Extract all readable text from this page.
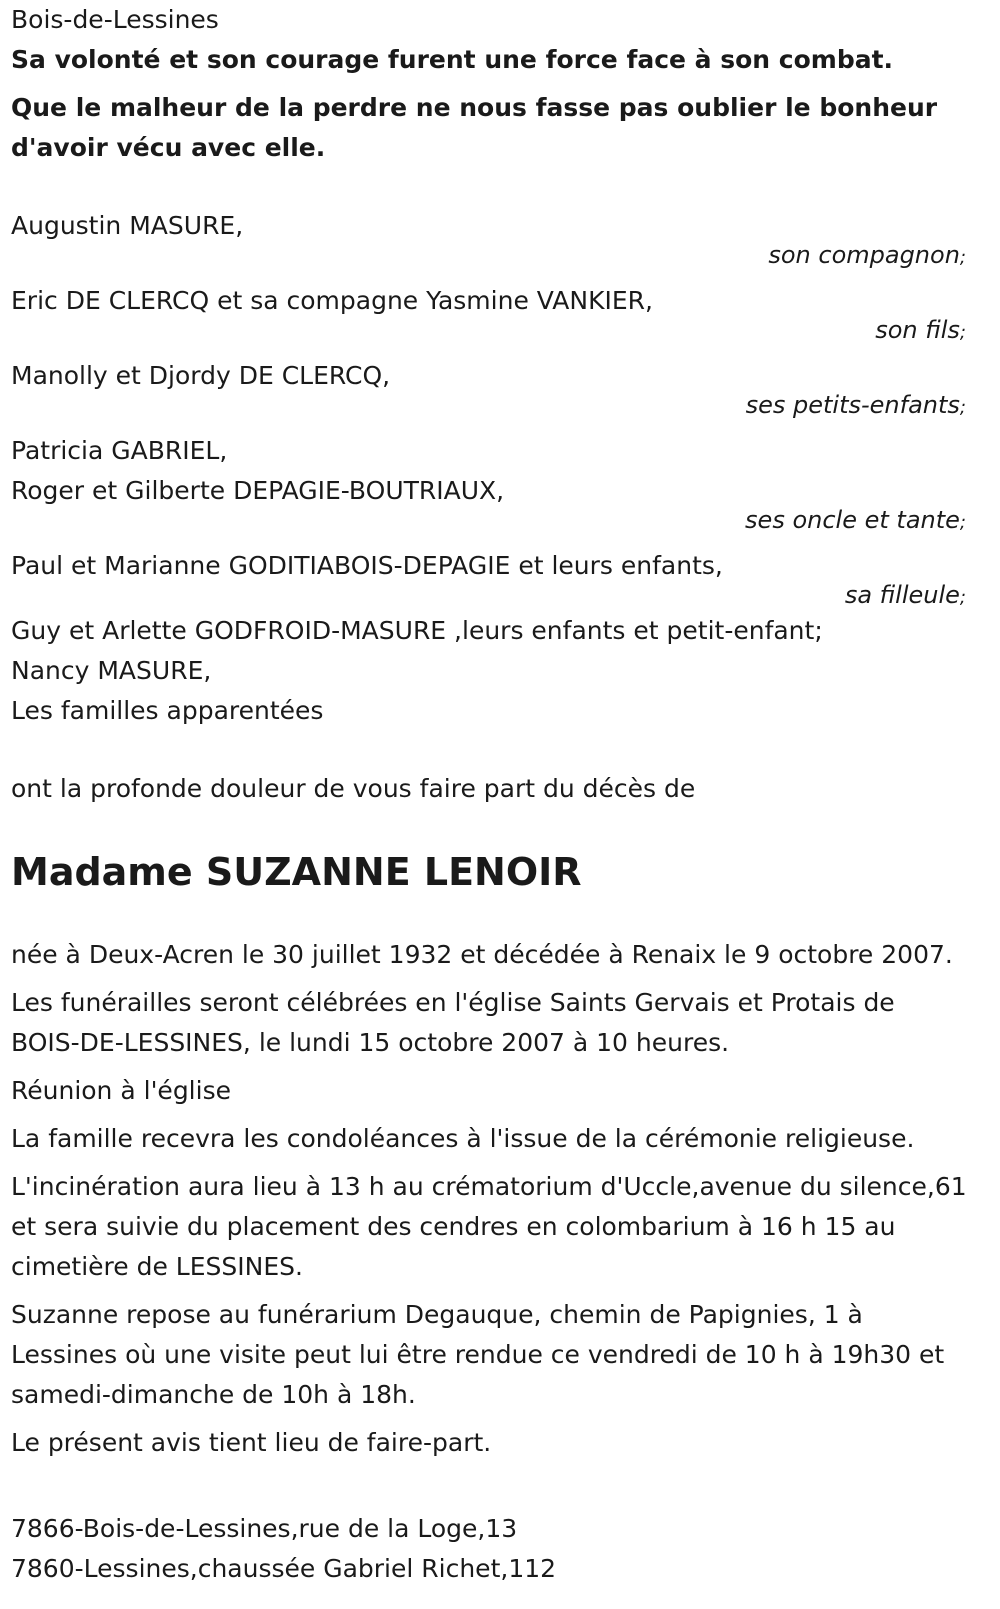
Bois-de-Lessines
Sa volonté et son courage furent une force face à son combat.
Que le malheur de la perdre ne nous fasse pas oublier le bonheur d'avoir vécu avec elle.
Augustin MASURE,
son compagnon;
Eric DE CLERCQ et sa compagne Yasmine VANKIER,
son fils;
Manolly et Djordy DE CLERCQ,
ses petits-enfants;
Patricia GABRIEL,
Roger et Gilberte DEPAGIE-BOUTRIAUX,
ses oncle et tante;
Paul et Marianne GODITIABOIS-DEPAGIE et leurs enfants,
sa filleule;
Guy et Arlette GODFROID-MASURE ,leurs enfants et petit-enfant;
Nancy MASURE,
Les familles apparentées
ont la profonde douleur de vous faire part du décès de
Madame SUZANNE LENOIR
née à Deux-Acren le 30 juillet 1932 et décédée à Renaix le 9 octobre 2007.
Les funérailles seront célébrées en l'église Saints Gervais et Protais de BOIS-DE-LESSINES, le lundi 15 octobre 2007 à 10 heures.
Réunion à l'église
La famille recevra les condoléances à l'issue de la cérémonie religieuse.
L'incinération aura lieu à 13 h au crématorium d'Uccle,avenue du silence,61 et sera suivie du placement des cendres en colombarium à 16 h 15 au cimetière de LESSINES.
Suzanne repose au funérarium Degauque, chemin de Papignies, 1 à Lessines où une visite peut lui être rendue ce vendredi de 10 h à 19h30 et samedi-dimanche de 10h à 18h.
Le présent avis tient lieu de faire-part.
7866-Bois-de-Lessines,rue de la Loge,13
7860-Lessines,chaussée Gabriel Richet,112
